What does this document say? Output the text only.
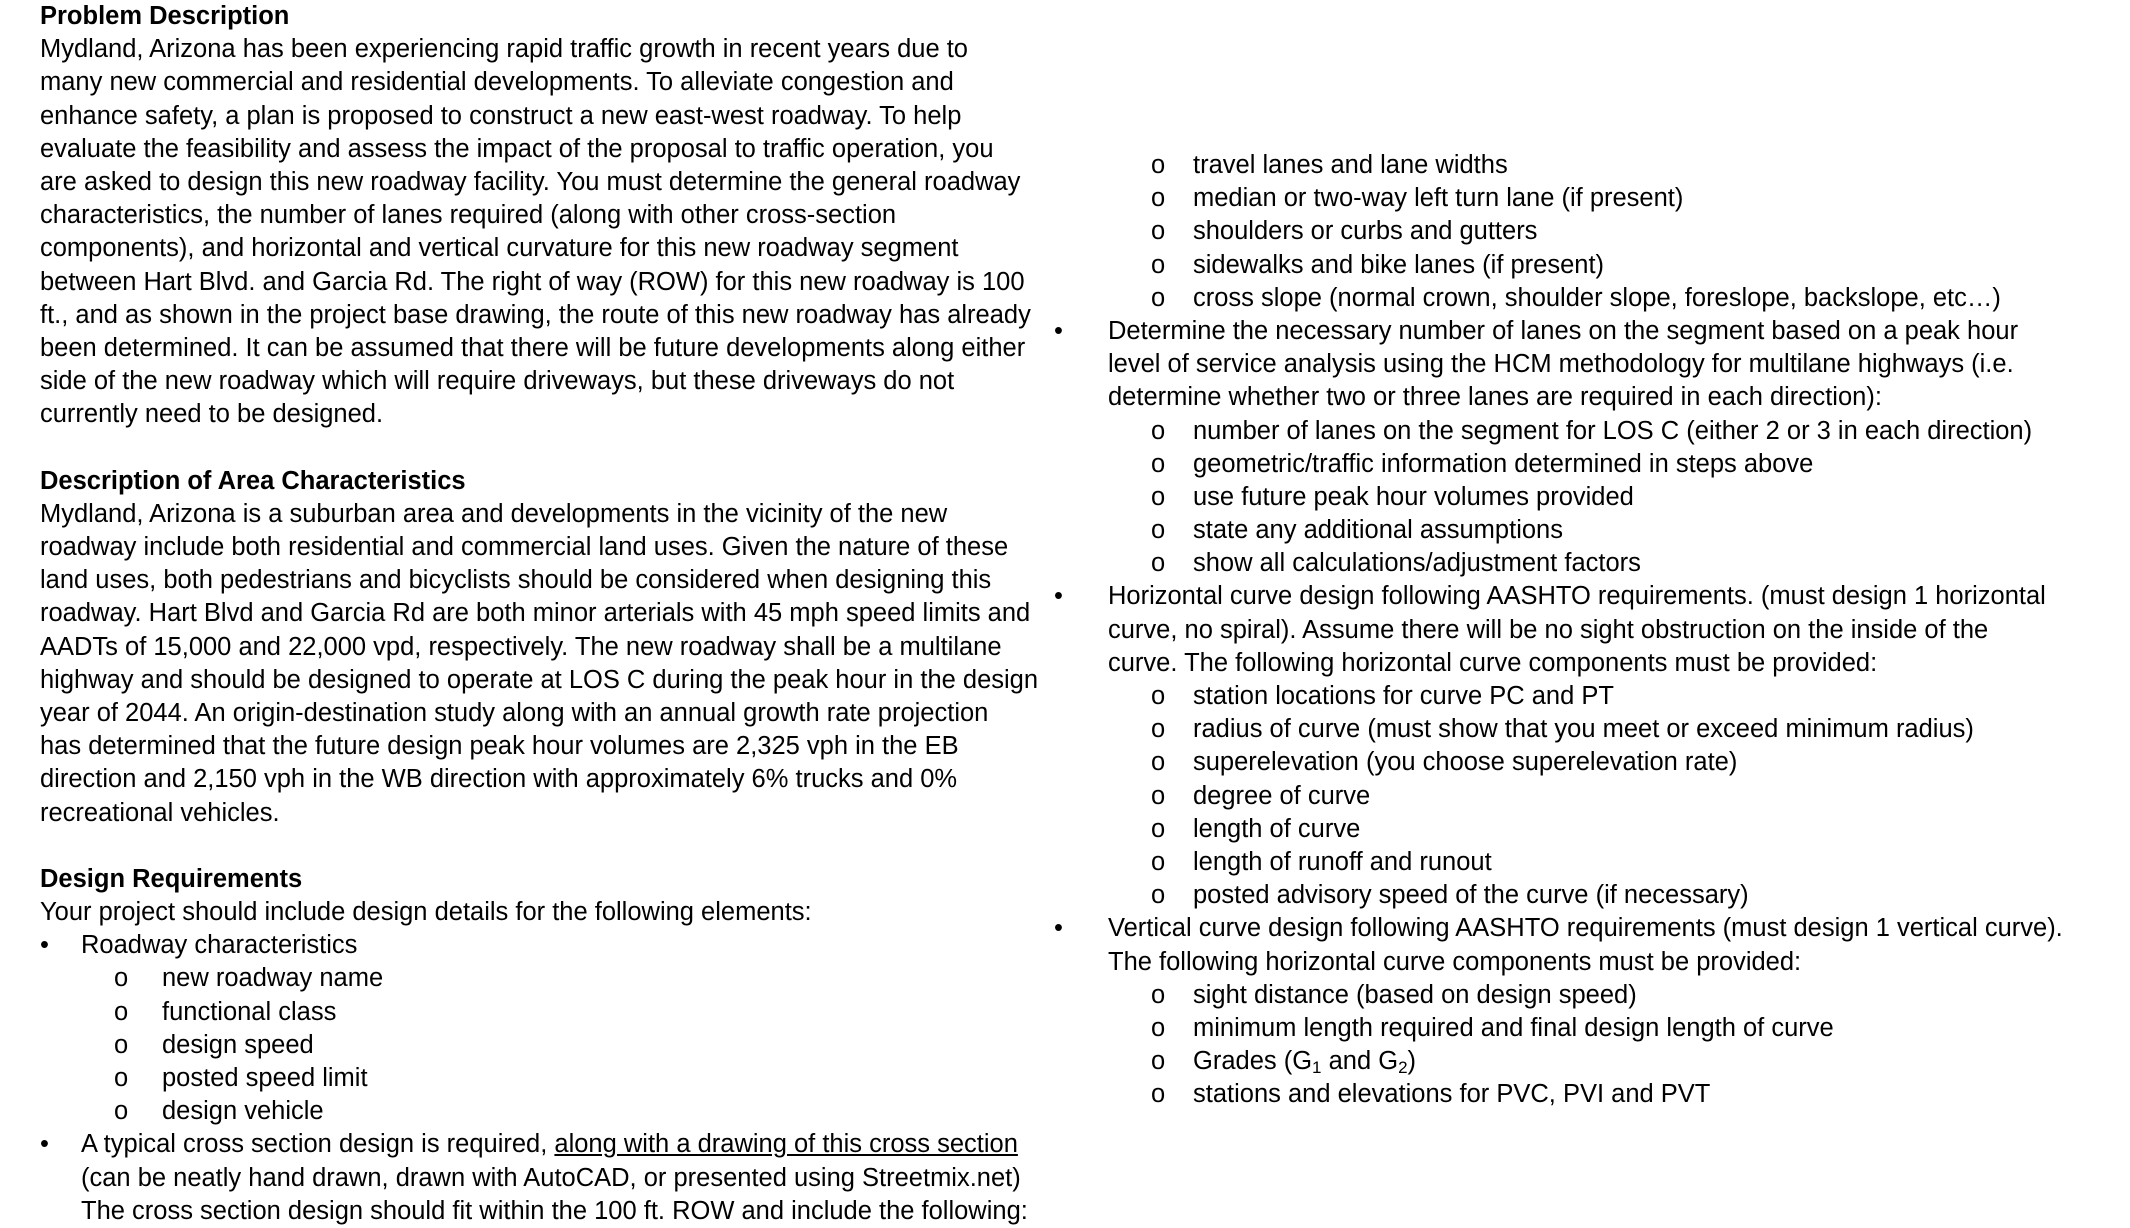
Problem Description
Mydland, Arizona has been experiencing rapid traffic growth in recent years due to
many new commercial and residential developments. To alleviate congestion and
enhance safety, a plan is proposed to construct a new east-west roadway. To help
evaluate the feasibility and assess the impact of the proposal to traffic operation, you
are asked to design this new roadway facility. You must determine the general roadway
characteristics, the number of lanes required (along with other cross-section
components), and horizontal and vertical curvature for this new roadway segment
between Hart Blvd. and Garcia Rd. The right of way (ROW) for this new roadway is 100
ft., and as shown in the project base drawing, the route of this new roadway has already
been determined. It can be assumed that there will be future developments along either
side of the new roadway which will require driveways, but these driveways do not
currently need to be designed.
Description of Area Characteristics
Mydland, Arizona is a suburban area and developments in the vicinity of the new
roadway include both residential and commercial land uses. Given the nature of these
land uses, both pedestrians and bicyclists should be considered when designing this
roadway. Hart Blvd and Garcia Rd are both minor arterials with 45 mph speed limits and
AADTs of 15,000 and 22,000 vpd, respectively. The new roadway shall be a multilane
highway and should be designed to operate at LOS C during the peak hour in the design
year of 2044. An origin-destination study along with an annual growth rate projection
has determined that the future design peak hour volumes are 2,325 vph in the EB
direction and 2,150 vph in the WB direction with approximately 6% trucks and 0%
recreational vehicles.
Design Requirements
Your project should include design details for the following elements:
• Roadway characteristics
o new roadway name
o functional class
o design speed
o posted speed limit
o design vehicle
• A typical cross section design is required, along with a drawing of this cross section
(can be neatly hand drawn, drawn with AutoCAD, or presented using Streetmix.net)
The cross section design should fit within the 100 ft. ROW and include the following:
o travel lanes and lane widths
o median or two-way left turn lane (if present)
o shoulders or curbs and gutters
o sidewalks and bike lanes (if present)
o cross slope (normal crown, shoulder slope, foreslope, backslope, etc…)
• Determine the necessary number of lanes on the segment based on a peak hour
level of service analysis using the HCM methodology for multilane highways (i.e.
determine whether two or three lanes are required in each direction):
o number of lanes on the segment for LOS C (either 2 or 3 in each direction)
o geometric/traffic information determined in steps above
o use future peak hour volumes provided
o state any additional assumptions
o show all calculations/adjustment factors
• Horizontal curve design following AASHTO requirements. (must design 1 horizontal
curve, no spiral). Assume there will be no sight obstruction on the inside of the
curve. The following horizontal curve components must be provided:
o station locations for curve PC and PT
o radius of curve (must show that you meet or exceed minimum radius)
o superelevation (you choose superelevation rate)
o degree of curve
o length of curve
o length of runoff and runout
o posted advisory speed of the curve (if necessary)
• Vertical curve design following AASHTO requirements (must design 1 vertical curve).
The following horizontal curve components must be provided:
o sight distance (based on design speed)
o minimum length required and final design length of curve
o Grades ($G_1$ and $G_2$)
o stations and elevations for PVC, PVI and PVT
